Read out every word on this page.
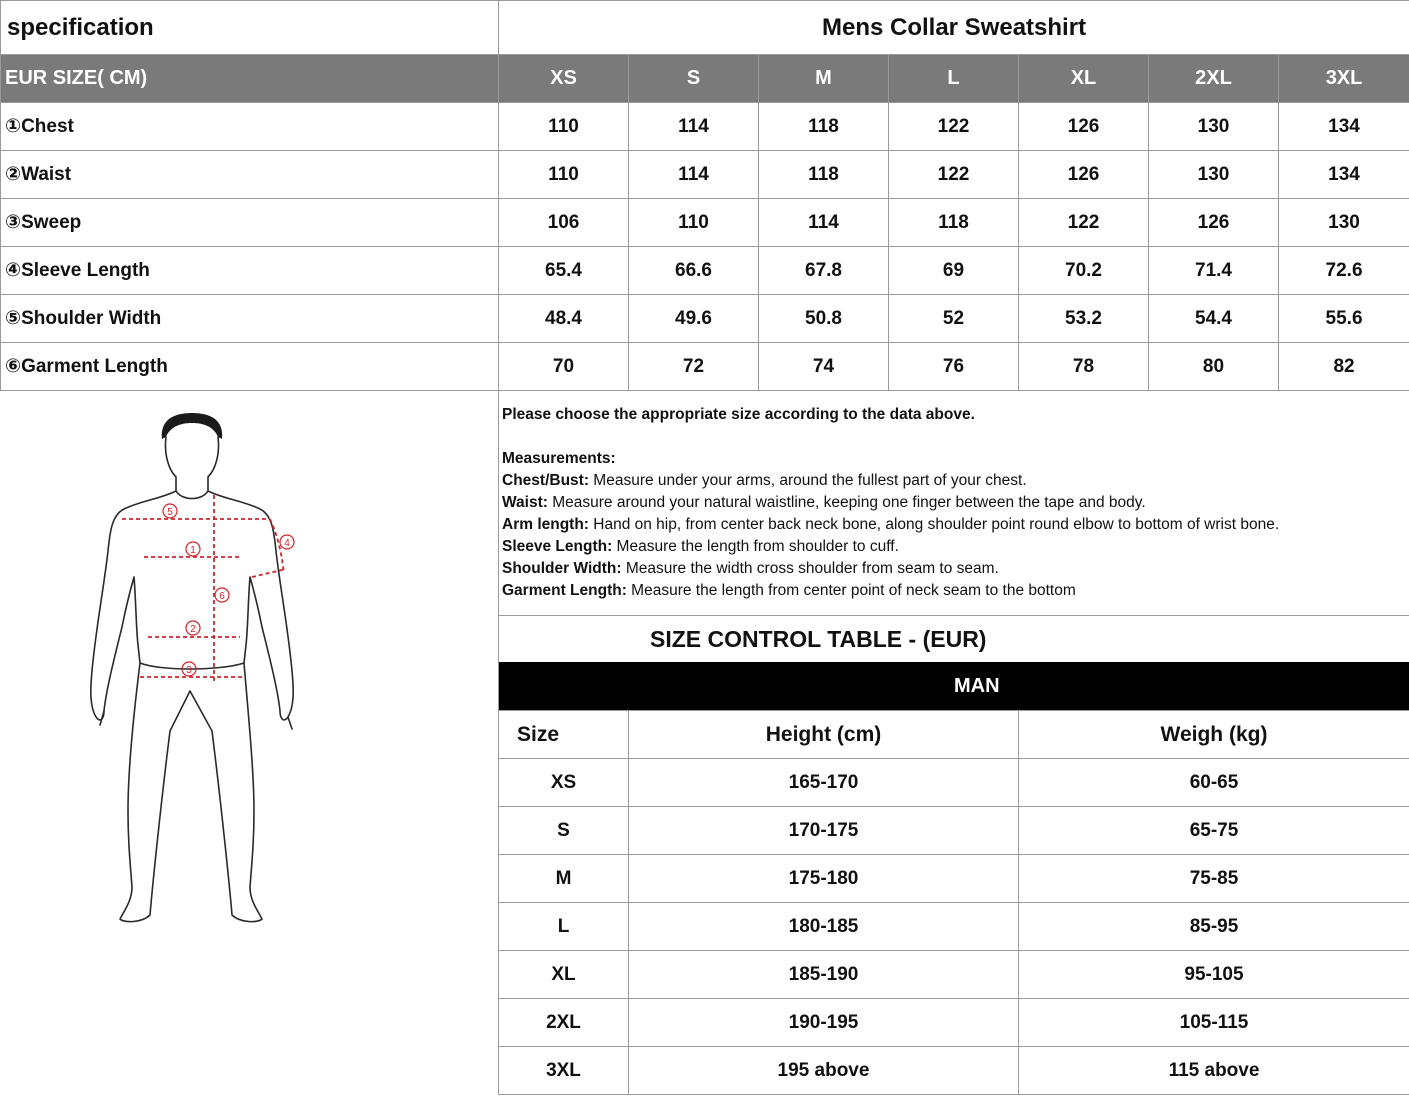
specification	Mens Collar Sweatshirt						
EUR SIZE( CM)	XS	S	M	L	XL	2XL	3XL
①Chest	110	114	118	122	126	130	134
②Waist	110	114	118	122	126	130	134
③Sweep	106	110	114	118	122	126	130
④Sleeve Length	65.4	66.6	67.8	69	70.2	71.4	72.6
⑤Shoulder Width	48.4	49.6	50.8	52	53.2	54.4	55.6
⑥Garment Length	70	72	74	76	78	80	82
5
1
6
2
3
4
Please choose the appropriate size according to the data above.
Measurements:
Chest/Bust: Measure under your arms, around the fullest part of your chest.
Waist: Measure around your natural waistline, keeping one finger between the tape and body.
Arm length: Hand on hip, from center back neck bone, along shoulder point round elbow to bottom of wrist bone.
Sleeve Length: Measure the length from shoulder to cuff.
Shoulder Width: Measure the width cross shoulder from seam to seam.
Garment Length: Measure the length from center point of neck seam to the bottom
SIZE CONTROL TABLE - (EUR)
MAN
Size	Height (cm)	Weigh (kg)
XS	165-170	60-65
S	170-175	65-75
M	175-180	75-85
L	180-185	85-95
XL	185-190	95-105
2XL	190-195	105-115
3XL	195 above	115 above
